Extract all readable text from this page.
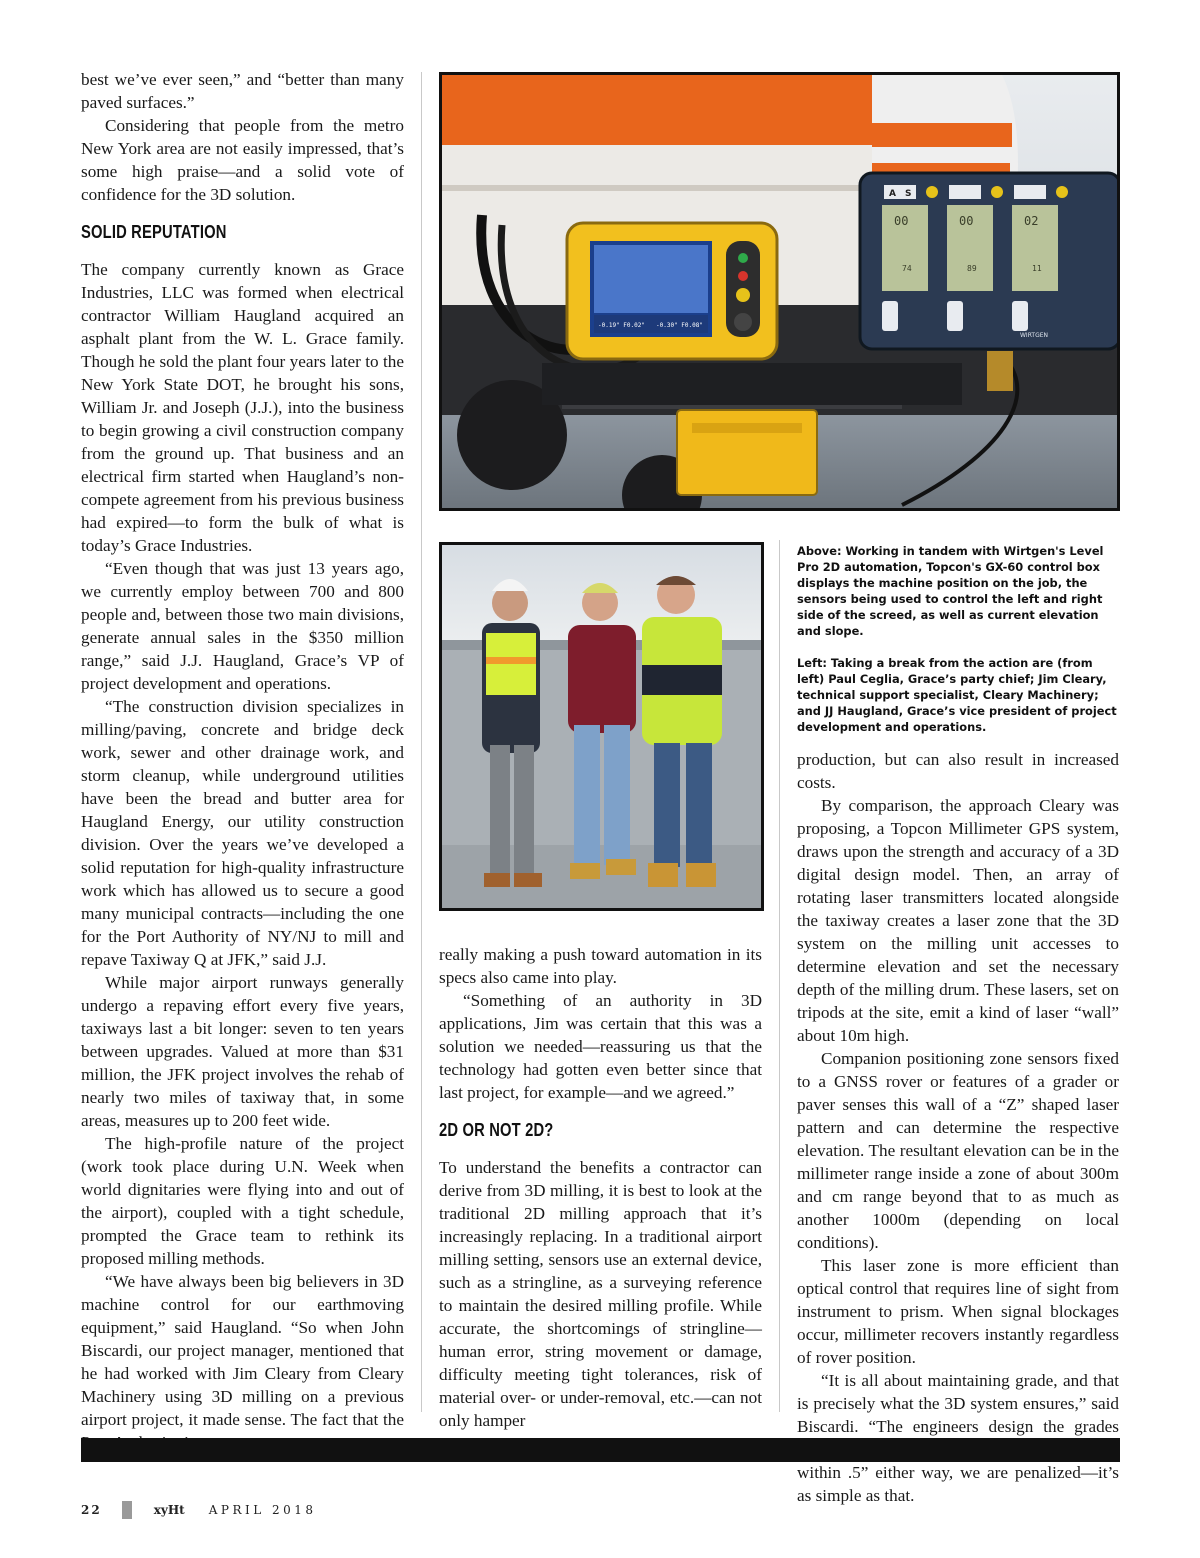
best we’ve ever seen,” and “better than many paved surfaces.”

Considering that people from the metro New York area are not easily impressed, that’s some high praise—and a solid vote of confidence for the 3D solution.

SOLID REPUTATION

The company currently known as Grace Industries, LLC was formed when electrical contractor William Haugland acquired an asphalt plant from the W. L. Grace family. Though he sold the plant four years later to the New York State DOT, he brought his sons, William Jr. and Joseph (J.J.), into the business to begin growing a civil construction company from the ground up. That business and an electrical firm started when Haugland’s non-compete agreement from his previous business had expired—to form the bulk of what is today’s Grace Industries.

“Even though that was just 13 years ago, we currently employ between 700 and 800 people and, between those two main divisions, generate annual sales in the $350 million range,” said J.J. Haugland, Grace’s VP of project development and operations.

“The construction division specializes in milling/paving, concrete and bridge deck work, sewer and other drainage work, and storm cleanup, while underground utilities have been the bread and butter area for Haugland Energy, our utility construction division. Over the years we’ve developed a solid reputation for high-quality infrastructure work which has allowed us to secure a good many municipal contracts—including the one for the Port Authority of NY/NJ to mill and repave Taxiway Q at JFK,” said J.J.

While major airport runways generally undergo a repaving effort every five years, taxiways last a bit longer: seven to ten years between upgrades. Valued at more than $31 million, the JFK project involves the rehab of nearly two miles of taxiway that, in some areas, measures up to 200 feet wide.

The high-profile nature of the project (work took place during U.N. Week when world dignitaries were flying into and out of the airport), coupled with a tight schedule, prompted the Grace team to rethink its proposed milling methods.

“We have always been big believers in 3D machine control for our earthmoving equipment,” said Haugland. “So when John Biscardi, our project manager, mentioned that he had worked with Jim Cleary from Cleary Machinery using 3D milling on a previous airport project, it made sense. The fact that the

-0.19" F0.02" -0.30" F0.08"
00	00	02
74	89	11
A S
WIRTGEN

Above: Working in tandem with Wirtgen's Level Pro 2D automation, Topcon's GX-60 control box displays the machine position on the job, the sensors being used to control the left and right side of the screed, as well as current elevation and slope.

Left: Taking a break from the action are (from left) Paul Ceglia, Grace’s party chief; Jim Cleary, technical support specialist, Cleary Machinery; and JJ Haugland, Grace’s vice president of project development and operations.

really making a push toward automation in its specs also came into play.

“Something of an authority in 3D applications, Jim was certain that this was a solution we needed—reassuring us that the technology had gotten even better since that last project, for example—and we agreed.”

2D OR NOT 2D?

To understand the benefits a contractor can derive from 3D milling, it is best to look at the traditional 2D milling approach that it’s increasingly replacing. In a traditional airport milling setting, sensors use an external device, such as a stringline, as a surveying reference to maintain the desired milling profile. While accurate, the shortcomings of stringline—human error, string movement or damage, difficulty meeting tight tolerances, risk of material over- or under-removal, etc.—can not only hamper

production, but can also result in increased costs.

By comparison, the approach Cleary was proposing, a Topcon Millimeter GPS system, draws upon the strength and accuracy of a 3D digital design model. Then, an array of rotating laser transmitters located alongside the taxiway creates a laser zone that the 3D system on the milling unit accesses to determine elevation and set the necessary depth of the milling drum. These lasers, set on tripods at the site, emit a kind of laser “wall” about 10m high.

Companion positioning zone sensors fixed to a GNSS rover or features of a grader or paver senses this wall of a “Z” shaped laser pattern and can determine the respective elevation. The resultant elevation can be in the millimeter range inside a zone of about 300m and cm range beyond that to as much as another 1000m (depending on local conditions).

This laser zone is more efficient than optical control that requires line of sight from instrument to prism. When signal blockages occur, millimeter recovers instantly regardless of rover position.

“It is all about maintaining grade, and that is precisely what the 3D system ensures,” said Biscardi. “The engineers design the grades within .5” either way, we are penalized—it’s as simple as that.

22	xyHt APRIL 2018
